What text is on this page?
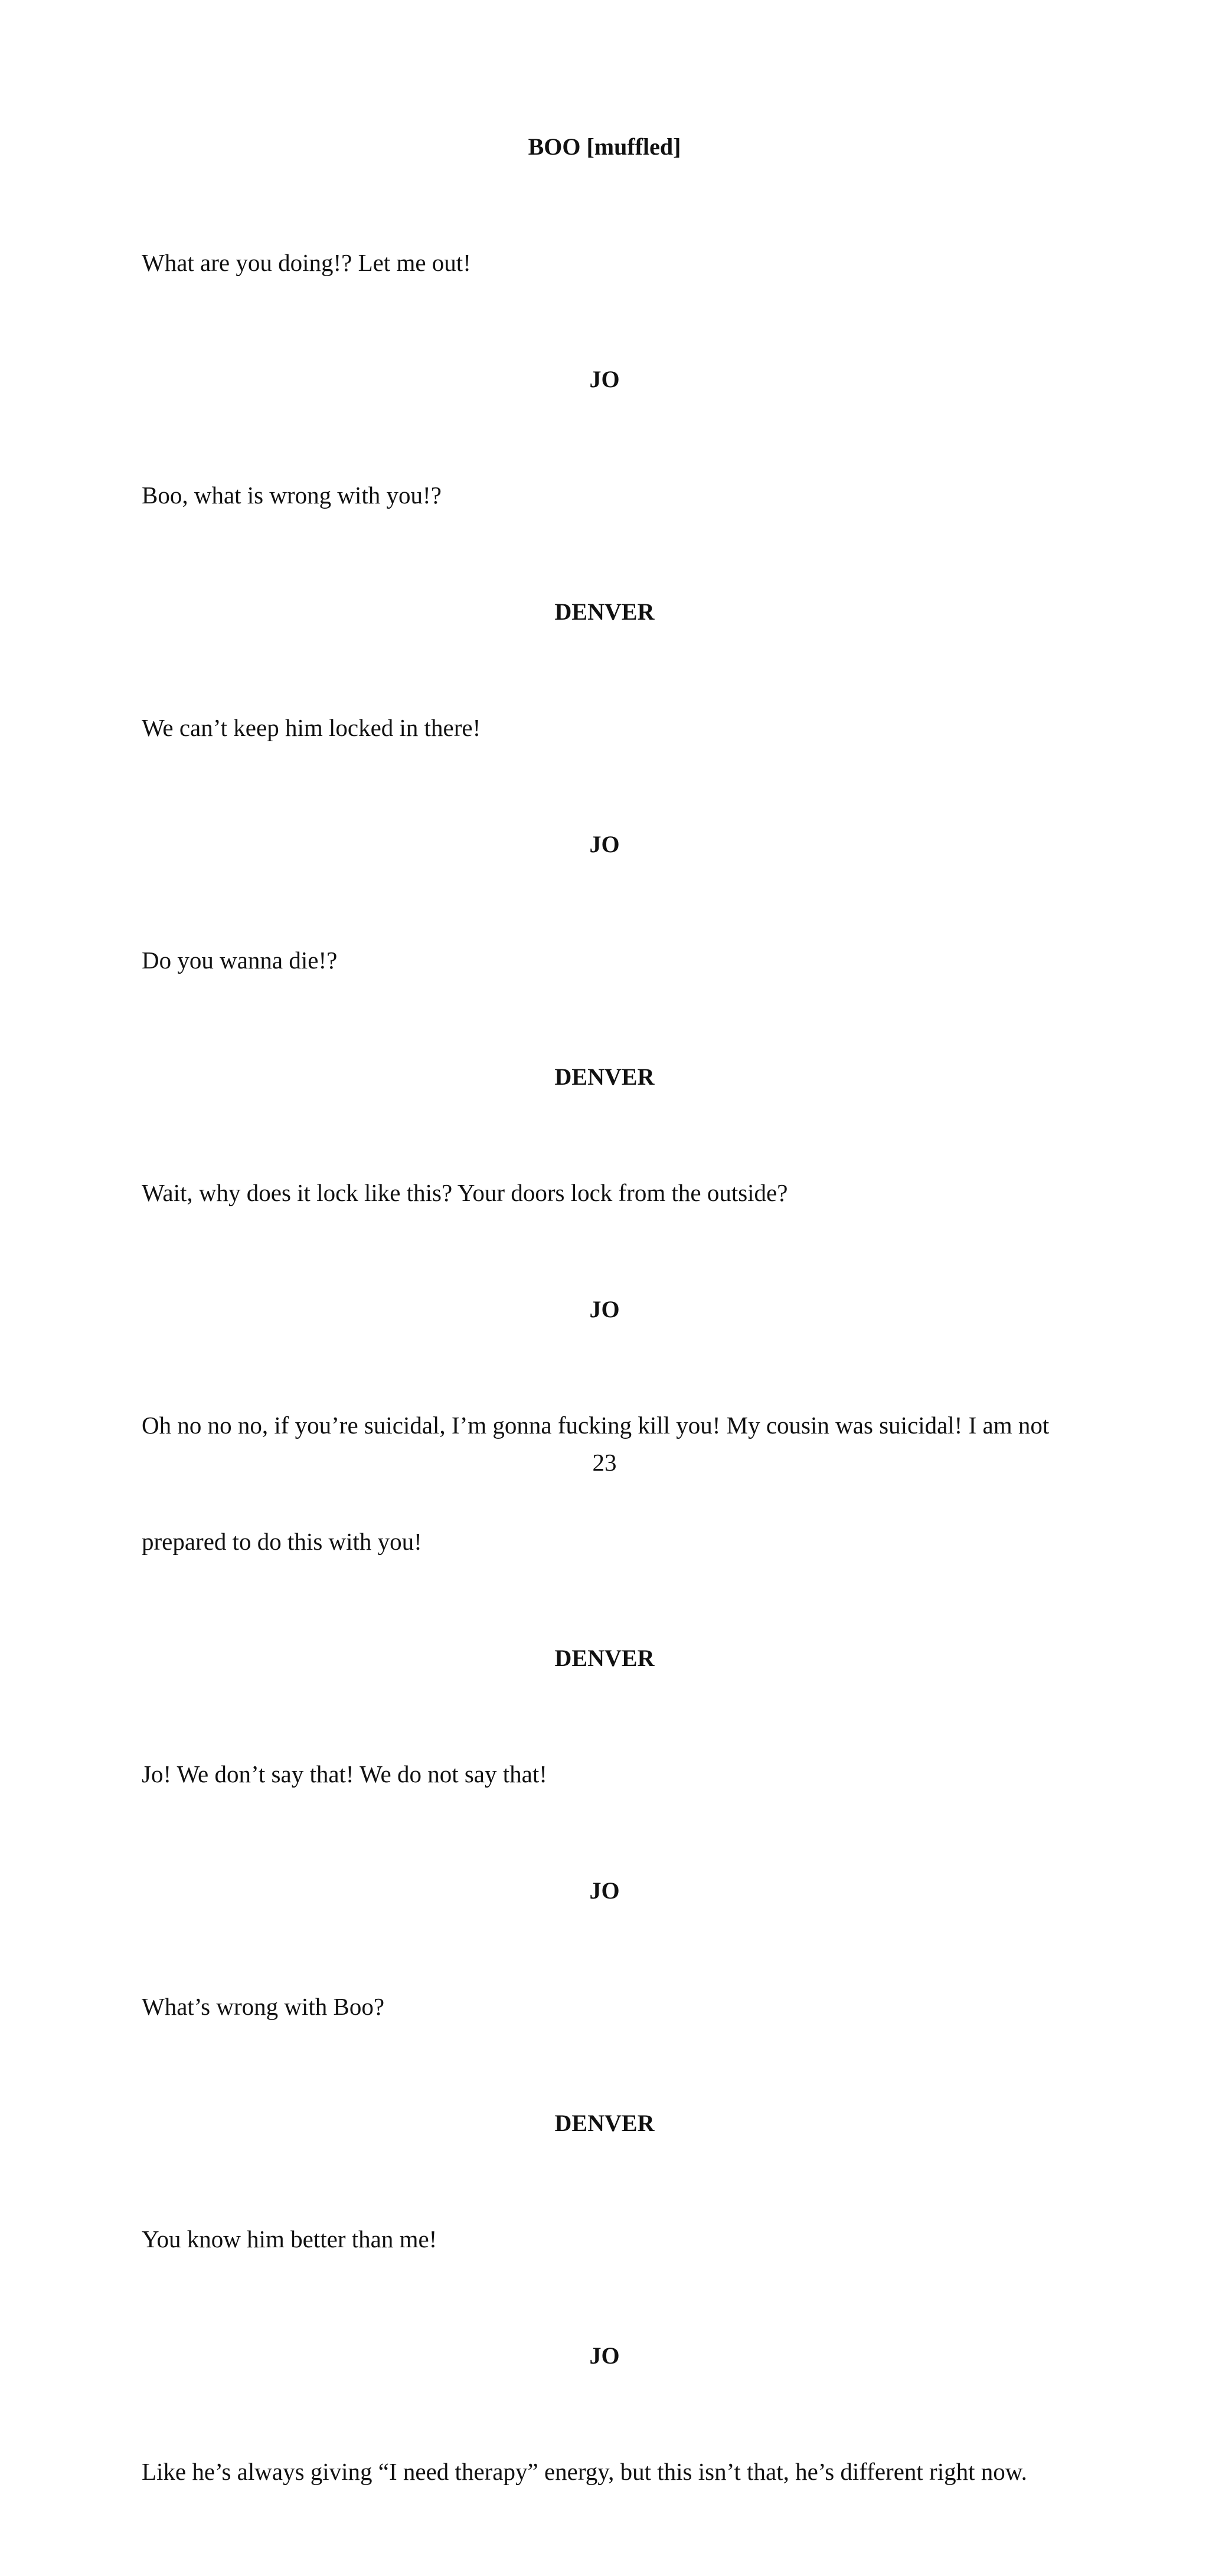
BOO [muffled]
What are you doing!? Let me out!
JO
Boo, what is wrong with you!?
DENVER
We can’t keep him locked in there!
JO
Do you wanna die!?
DENVER
Wait, why does it lock like this? Your doors lock from the outside?
JO
Oh no no no, if you’re suicidal, I’m gonna fucking kill you! My cousin was suicidal! I am not
prepared to do this with you!
DENVER
Jo! We don’t say that! We do not say that!
JO
What’s wrong with Boo?
DENVER
You know him better than me!
JO
Like he’s always giving “I need therapy” energy, but this isn’t that, he’s different right now.
23
